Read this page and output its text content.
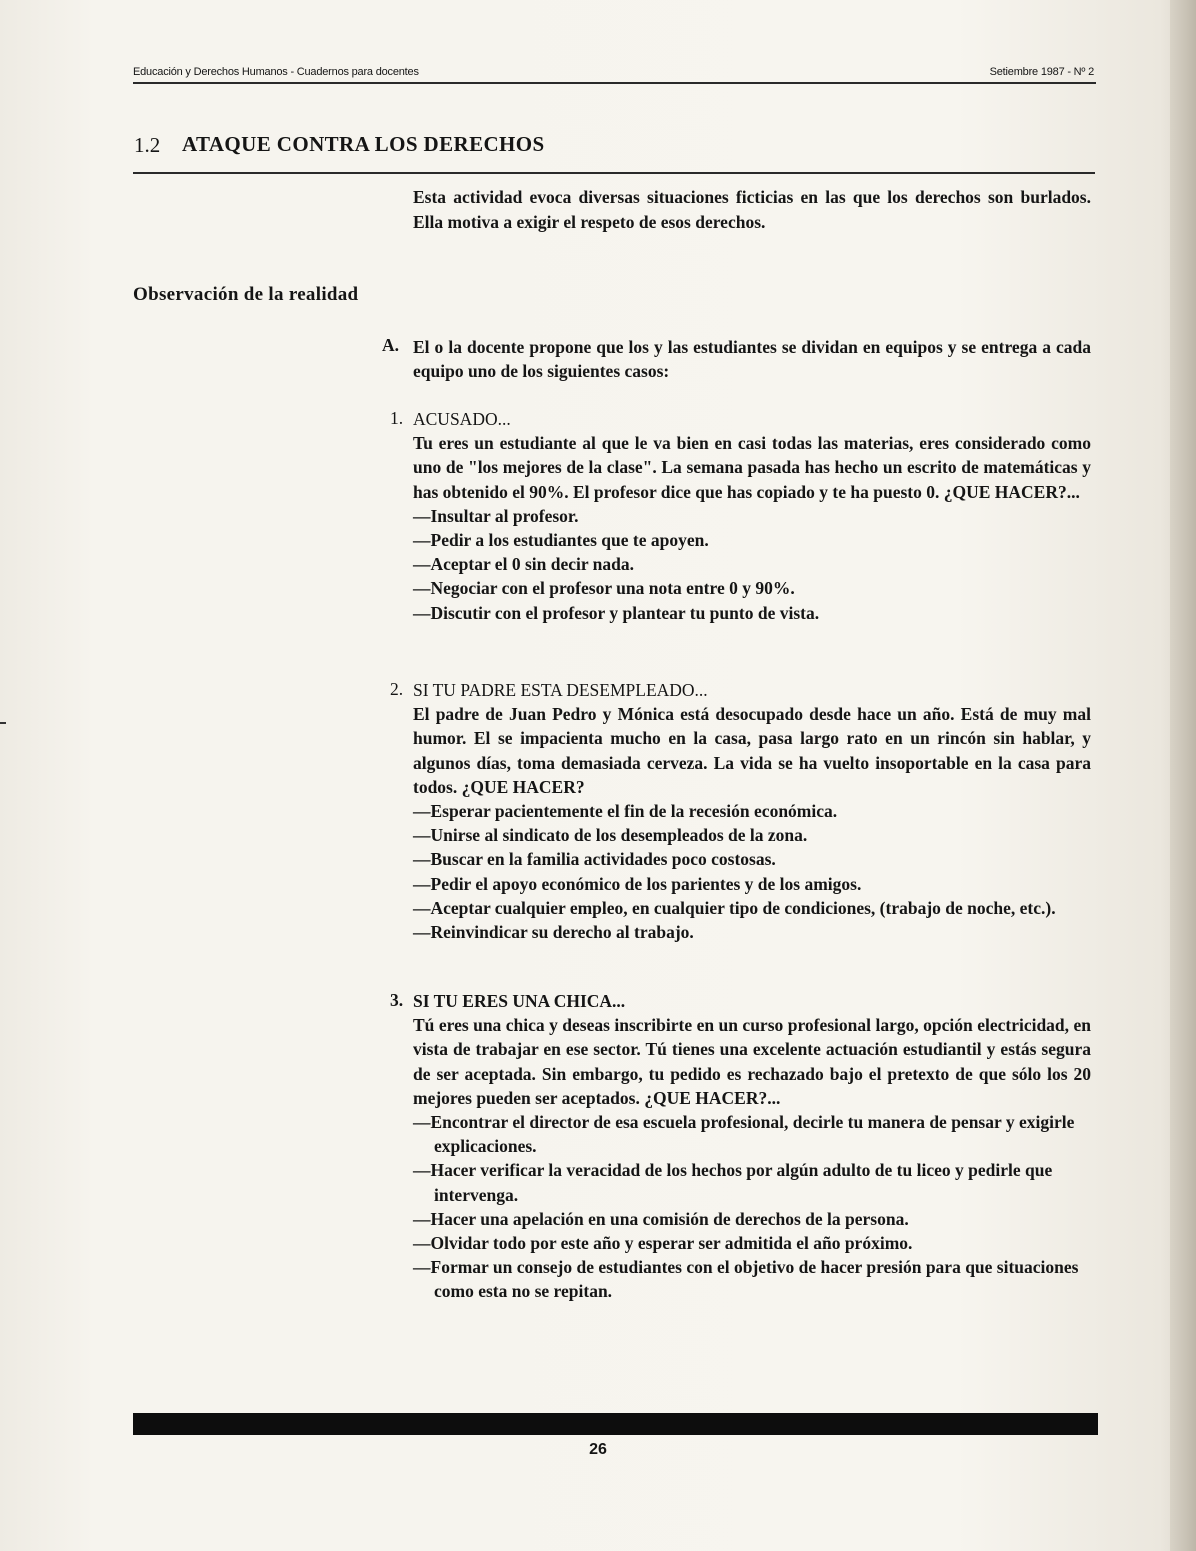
Educación y Derechos Humanos - Cuadernos para docentes	Setiembre 1987 - Nº 2
1.2 ATAQUE CONTRA LOS DERECHOS
Esta actividad evoca diversas situaciones ficticias en las que los derechos son burlados. Ella motiva a exigir el respeto de esos derechos.
Observación de la realidad
A. El o la docente propone que los y las estudiantes se dividan en equipos y se entrega a cada equipo uno de los siguientes casos:
1. ACUSADO...
Tu eres un estudiante al que le va bien en casi todas las materias, eres considerado como uno de "los mejores de la clase". La semana pasada has hecho un escrito de matemáticas y has obtenido el 90%. El profesor dice que has copiado y te ha puesto 0. ¿QUE HACER?...
—Insultar al profesor.
—Pedir a los estudiantes que te apoyen.
—Aceptar el 0 sin decir nada.
—Negociar con el profesor una nota entre 0 y 90%.
—Discutir con el profesor y plantear tu punto de vista.
2. SI TU PADRE ESTA DESEMPLEADO...
El padre de Juan Pedro y Mónica está desocupado desde hace un año. Está de muy mal humor. El se impacienta mucho en la casa, pasa largo rato en un rincón sin hablar, y algunos días, toma demasiada cerveza. La vida se ha vuelto insoportable en la casa para todos. ¿QUE HACER?
—Esperar pacientemente el fin de la recesión económica.
—Unirse al sindicato de los desempleados de la zona.
—Buscar en la familia actividades poco costosas.
—Pedir el apoyo económico de los parientes y de los amigos.
—Aceptar cualquier empleo, en cualquier tipo de condiciones, (trabajo de noche, etc.).
—Reinvindicar su derecho al trabajo.
3. SI TU ERES UNA CHICA...
Tú eres una chica y deseas inscribirte en un curso profesional largo, opción electricidad, en vista de trabajar en ese sector. Tú tienes una excelente actuación estudiantil y estás segura de ser aceptada. Sin embargo, tu pedido es rechazado bajo el pretexto de que sólo los 20 mejores pueden ser aceptados. ¿QUE HACER?...
—Encontrar el director de esa escuela profesional, decirle tu manera de pensar y exigirle explicaciones.
—Hacer verificar la veracidad de los hechos por algún adulto de tu liceo y pedirle que intervenga.
—Hacer una apelación en una comisión de derechos de la persona.
—Olvidar todo por este año y esperar ser admitida el año próximo.
—Formar un consejo de estudiantes con el objetivo de hacer presión para que situaciones como esta no se repitan.
26
